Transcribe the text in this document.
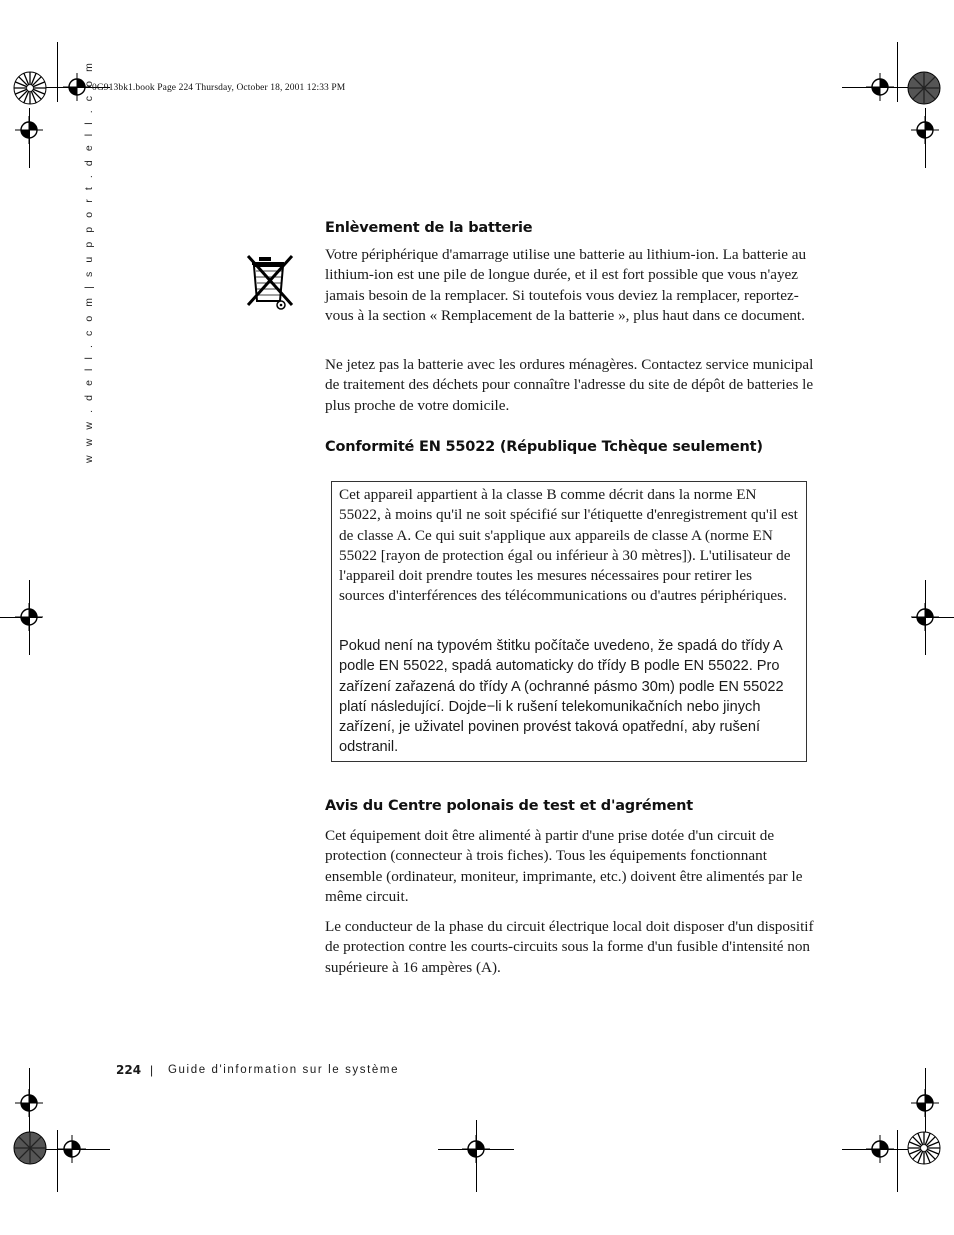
0G913bk1.book Page 224 Thursday, October 18, 2001 12:33 PM
w w w . d e l l . c o m | s u p p o r t . d e l l . c o m	Enlèvement de la batterie

Votre périphérique d'amarrage utilise une batterie au lithium-ion. La batterie au lithium-ion est une pile de longue durée, et il est fort possible que vous n'ayez jamais besoin de la remplacer. Si toutefois vous deviez la remplacer, reportez-vous à la section « Remplacement de la batterie », plus haut dans ce document.

Ne jetez pas la batterie avec les ordures ménagères. Contactez service municipal de traitement des déchets pour connaître l'adresse du site de dépôt de batteries le plus proche de votre domicile.

Conformité EN 55022 (République Tchèque seulement)

Cet appareil appartient à la classe B comme décrit dans la norme EN 55022, à moins qu'il ne soit spécifié sur l'étiquette d'enregistrement qu'il est de classe A. Ce qui suit s'applique aux appareils de classe A (norme EN 55022 [rayon de protection égal ou inférieur à 30 mètres]). L'utilisateur de l'appareil doit prendre toutes les mesures nécessaires pour retirer les sources d'interférences des télécommunications ou d'autres périphériques.

Pokud není na typovém štitku počítače uvedeno, že spadá do třídy A podle EN 55022, spadá automaticky do třídy B podle EN 55022. Pro zařízení zařazená do třídy A (ochranné pásmo 30m) podle EN 55022 platí následující. Dojde−li k rušení telekomunikačních nebo jinych zařízení, je uživatel povinen provést taková opatřední, aby rušení odstranil.

Avis du Centre polonais de test et d'agrément

Cet équipement doit être alimenté à partir d'une prise dotée d'un circuit de protection (connecteur à trois fiches). Tous les équipements fonctionnant ensemble (ordinateur, moniteur, imprimante, etc.) doivent être alimentés par le même circuit.

Le conducteur de la phase du circuit électrique local doit disposer d'un dispositif de protection contre les courts-circuits sous la forme d'un fusible d'intensité non supérieure à 16 ampères (A).

224 | Guide d'information sur le système
